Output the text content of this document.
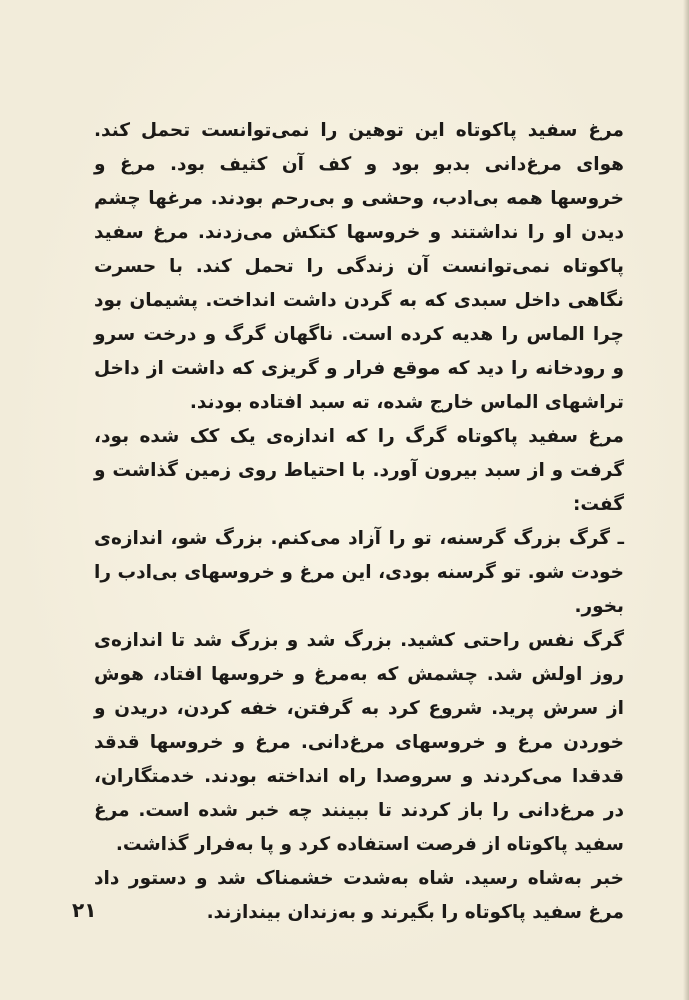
مرغ سفید پاکوتاه این توهین را نمی‌توانست تحمل کند. هوای مرغ‌دانی بدبو بود و کف آن کثیف بود. مرغ و خروسها همه بی‌ادب، وحشی و بی‌رحم بودند. مرغها چشم دیدن او را نداشتند و خروسها کتکش می‌زدند. مرغ سفید پاکوتاه نمی‌توانست آن زندگی را تحمل کند. با حسرت نگاهی داخل سبدی که به گردن داشت انداخت. پشیمان بود چرا الماس را هدیه کرده است. ناگهان گرگ و درخت سرو و رودخانه را دید که موقع فرار و گریزی که داشت از داخل تراشهای الماس خارج شده، ته سبد افتاده بودند.

مرغ سفید پاکوتاه گرگ را که اندازه‌ی یک کک شده بود، گرفت و از سبد بیرون آورد. با احتیاط روی زمین گذاشت و گفت:

ـ گرگ بزرگ گرسنه، تو را آزاد می‌کنم. بزرگ شو، اندازه‌ی خودت شو. تو گرسنه بودی، این مرغ و خروسهای بی‌ادب را بخور.

گرگ نفس راحتی کشید. بزرگ شد و بزرگ شد تا اندازه‌ی روز اولش شد. چشمش که به‌مرغ و خروسها افتاد، هوش از سرش پرید. شروع کرد به گرفتن، خفه کردن، دریدن و خوردن مرغ و خروسهای مرغ‌دانی. مرغ و خروسها قدقد قدقدا می‌کردند و سروصدا راه انداخته بودند. خدمتگاران، در مرغ‌دانی را باز کردند تا ببینند چه خبر شده است. مرغ سفید پاکوتاه از فرصت استفاده کرد و پا به‌فرار گذاشت.

خبر به‌شاه رسید. شاه به‌شدت خشمناک شد و دستور داد مرغ سفید پاکوتاه را بگیرند و به‌زندان بیندازند.

۲۱
